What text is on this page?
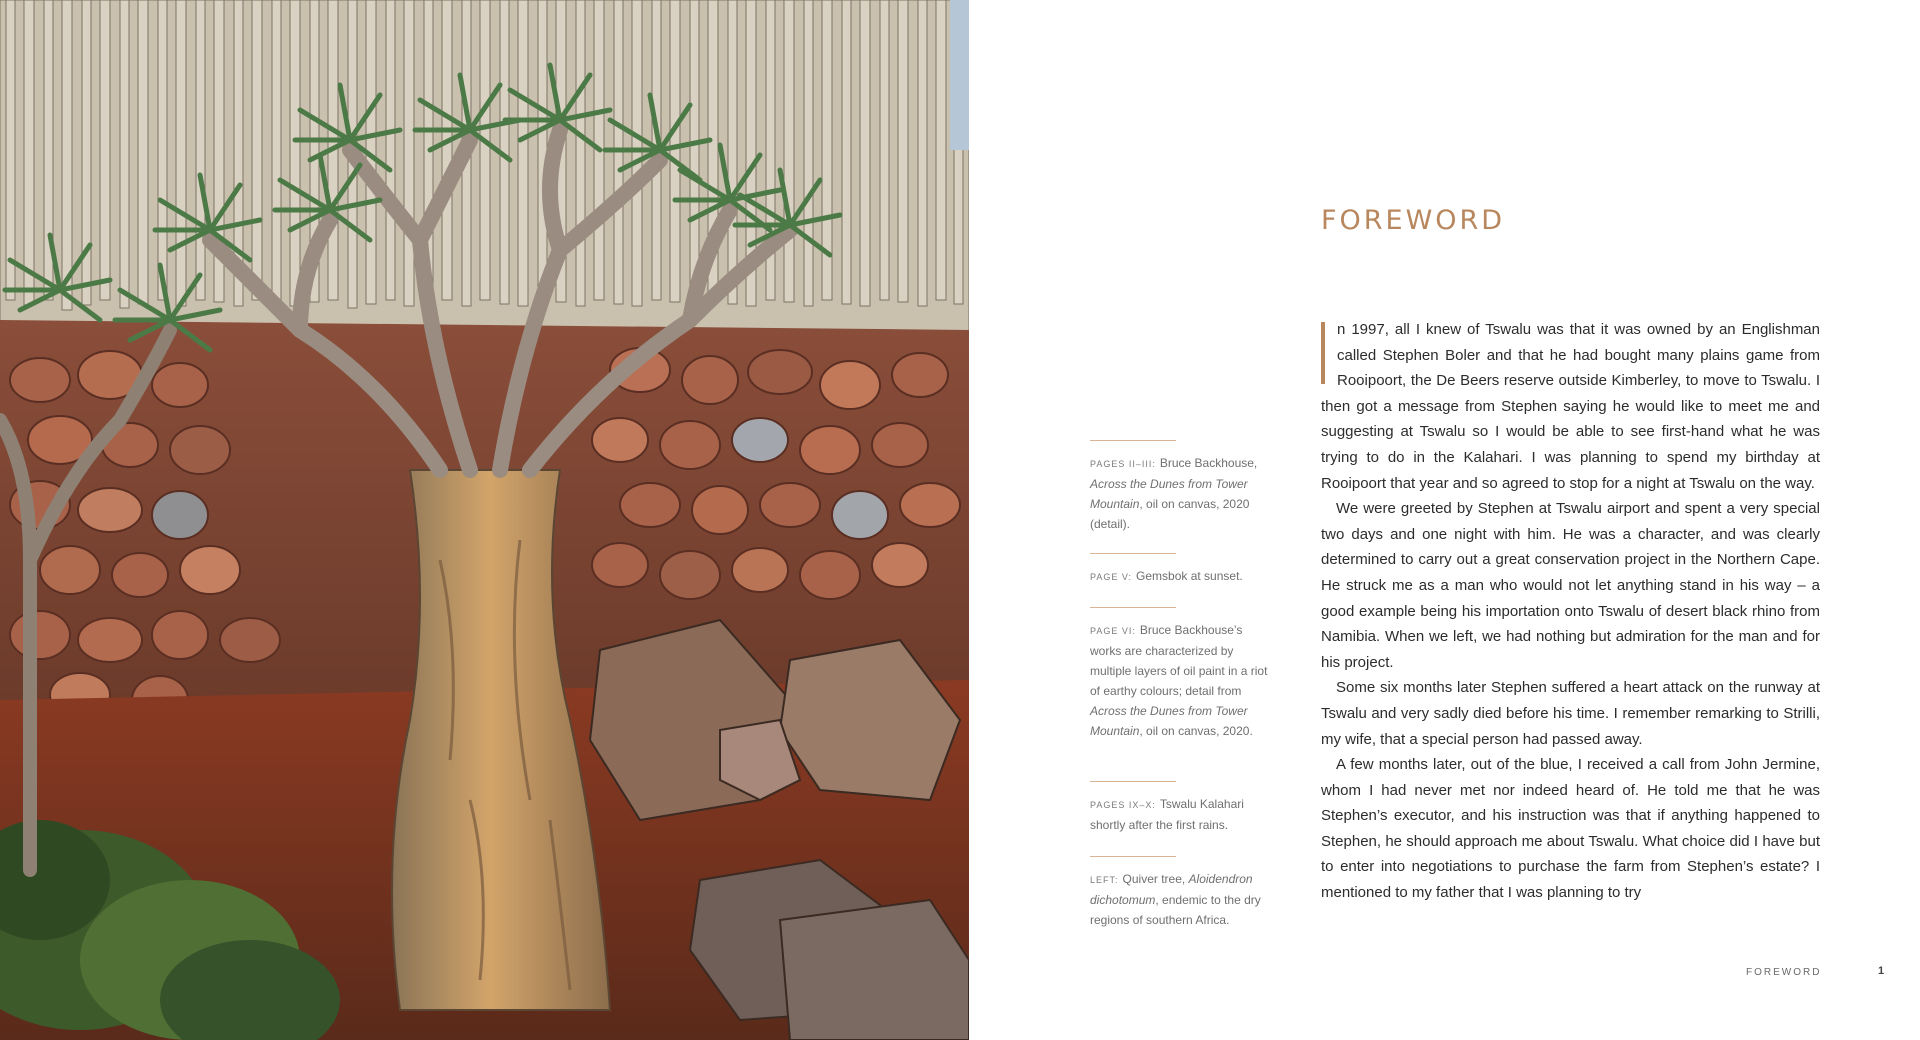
FOREWORD
PAGES II–III: Bruce Backhouse, Across the Dunes from Tower Mountain, oil on canvas, 2020 (detail).
PAGE V: Gemsbok at sunset.
PAGE VI: Bruce Backhouse’s works are characterized by multiple layers of oil paint in a riot of earthy colours; detail from Across the Dunes from Tower Mountain, oil on canvas, 2020.
PAGES IX–X: Tswalu Kalahari shortly after the first rains.
LEFT: Quiver tree, Aloidendron dichotomum, endemic to the dry regions of southern Africa.

n 1997, all I knew of Tswalu was that it was owned by an Englishman called Stephen Boler and that he had bought many plains game from Rooipoort, the De Beers reserve outside Kimberley, to move to Tswalu. I then got a message from Stephen saying he would like to meet me and suggesting at Tswalu so I would be able to see first-hand what he was trying to do in the Kalahari. I was planning to spend my birthday at Rooipoort that year and so agreed to stop for a night at Tswalu on the way.

We were greeted by Stephen at Tswalu airport and spent a very special two days and one night with him. He was a character, and was clearly determined to carry out a great conservation project in the Northern Cape. He struck me as a man who would not let anything stand in his way – a good example being his importation onto Tswalu of desert black rhino from Namibia. When we left, we had nothing but admiration for the man and for his project.

Some six months later Stephen suffered a heart attack on the runway at Tswalu and very sadly died before his time. I remember remarking to Strilli, my wife, that a special person had passed away.

A few months later, out of the blue, I received a call from John Jermine, whom I had never met nor indeed heard of. He told me that he was Stephen’s executor, and his instruction was that if anything happened to Stephen, he should approach me about Tswalu. What choice did I have but to enter into negotiations to purchase the farm from Stephen’s estate? I mentioned to my father that I was planning to try

FOREWORD	1
